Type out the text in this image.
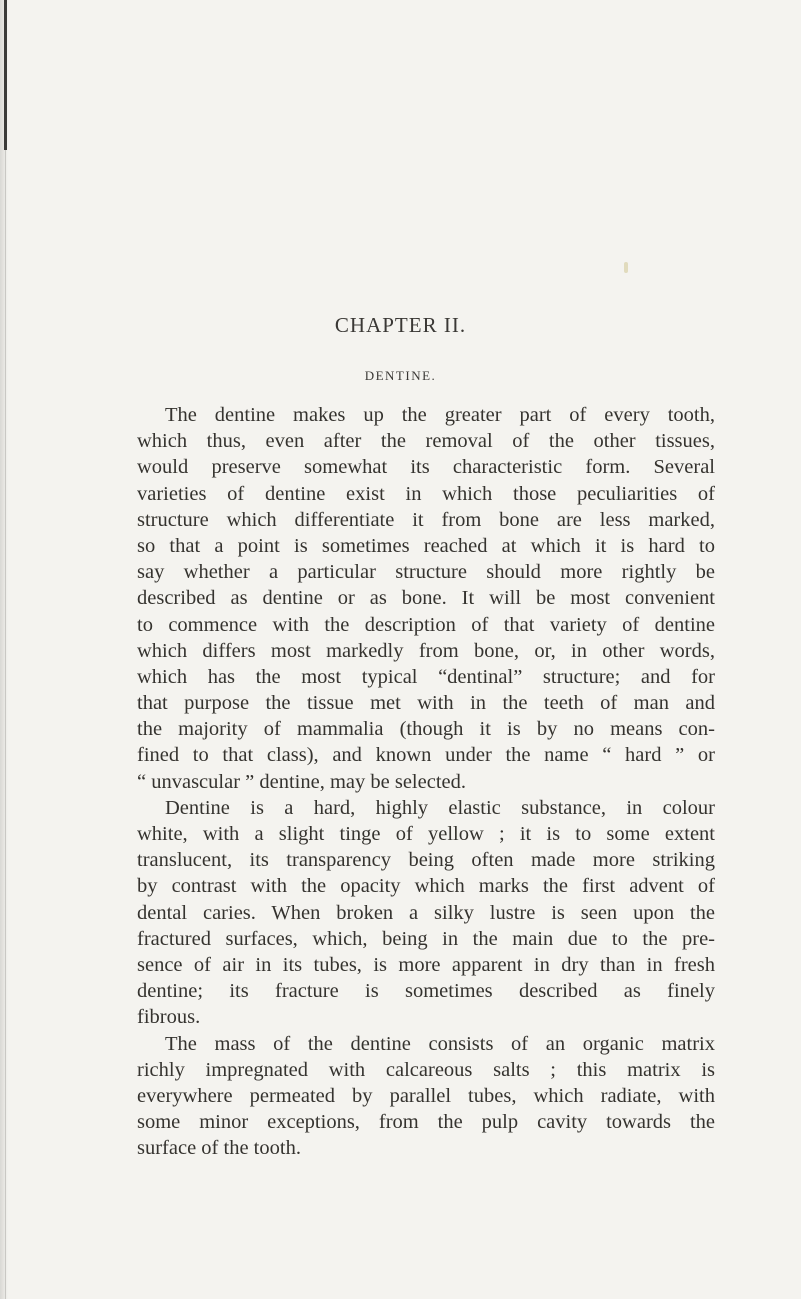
CHAPTER II.
DENTINE.
The dentine makes up the greater part of every tooth,
which thus, even after the removal of the other tissues,
would preserve somewhat its characteristic form. Several
varieties of dentine exist in which those peculiarities of
structure which differentiate it from bone are less marked,
so that a point is sometimes reached at which it is hard to
say whether a particular structure should more rightly be
described as dentine or as bone. It will be most convenient
to commence with the description of that variety of dentine
which differs most markedly from bone, or, in other words,
which has the most typical “dentinal” structure; and for
that purpose the tissue met with in the teeth of man and
the majority of mammalia (though it is by no means con-
fined to that class), and known under the name “ hard ” or
“ unvascular ” dentine, may be selected.
Dentine is a hard, highly elastic substance, in colour
white, with a slight tinge of yellow ; it is to some extent
translucent, its transparency being often made more striking
by contrast with the opacity which marks the first advent of
dental caries. When broken a silky lustre is seen upon the
fractured surfaces, which, being in the main due to the pre-
sence of air in its tubes, is more apparent in dry than in fresh
dentine; its fracture is sometimes described as finely
fibrous.
The mass of the dentine consists of an organic matrix
richly impregnated with calcareous salts ; this matrix is
everywhere permeated by parallel tubes, which radiate, with
some minor exceptions, from the pulp cavity towards the
surface of the tooth.
